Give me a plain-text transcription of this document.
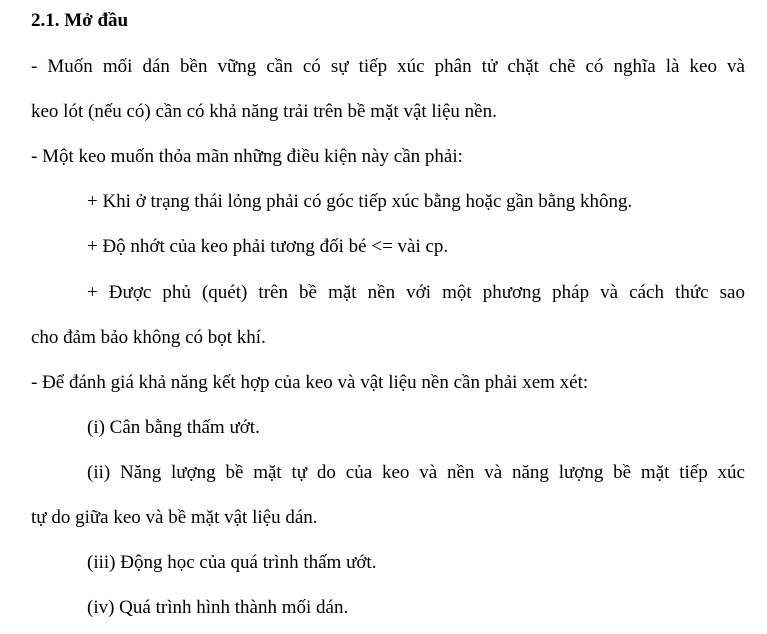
2.1. Mở đầu
- Muốn mối dán bền vững cần có sự tiếp xúc phân tử chặt chẽ có nghĩa là keo và
keo lót (nếu có) cần có khả năng trải trên bề mặt vật liệu nền.
- Một keo muốn thỏa mãn những điều kiện này cần phải:
+ Khi ở trạng thái lỏng phải có góc tiếp xúc bằng hoặc gần bằng không.
+ Độ nhớt của keo phải tương đối bé <= vài cp.
+ Được phủ (quét) trên bề mặt nền với một phương pháp và cách thức sao
cho đảm bảo không có bọt khí.
- Để đánh giá khả năng kết hợp của keo và vật liệu nền cần phải xem xét:
(i) Cân bằng thấm ướt.
(ii) Năng lượng bề mặt tự do của keo và nền và năng lượng bề mặt tiếp xúc
tự do giữa keo và bề mặt vật liệu dán.
(iii) Động học của quá trình thấm ướt.
(iv) Quá trình hình thành mối dán.
